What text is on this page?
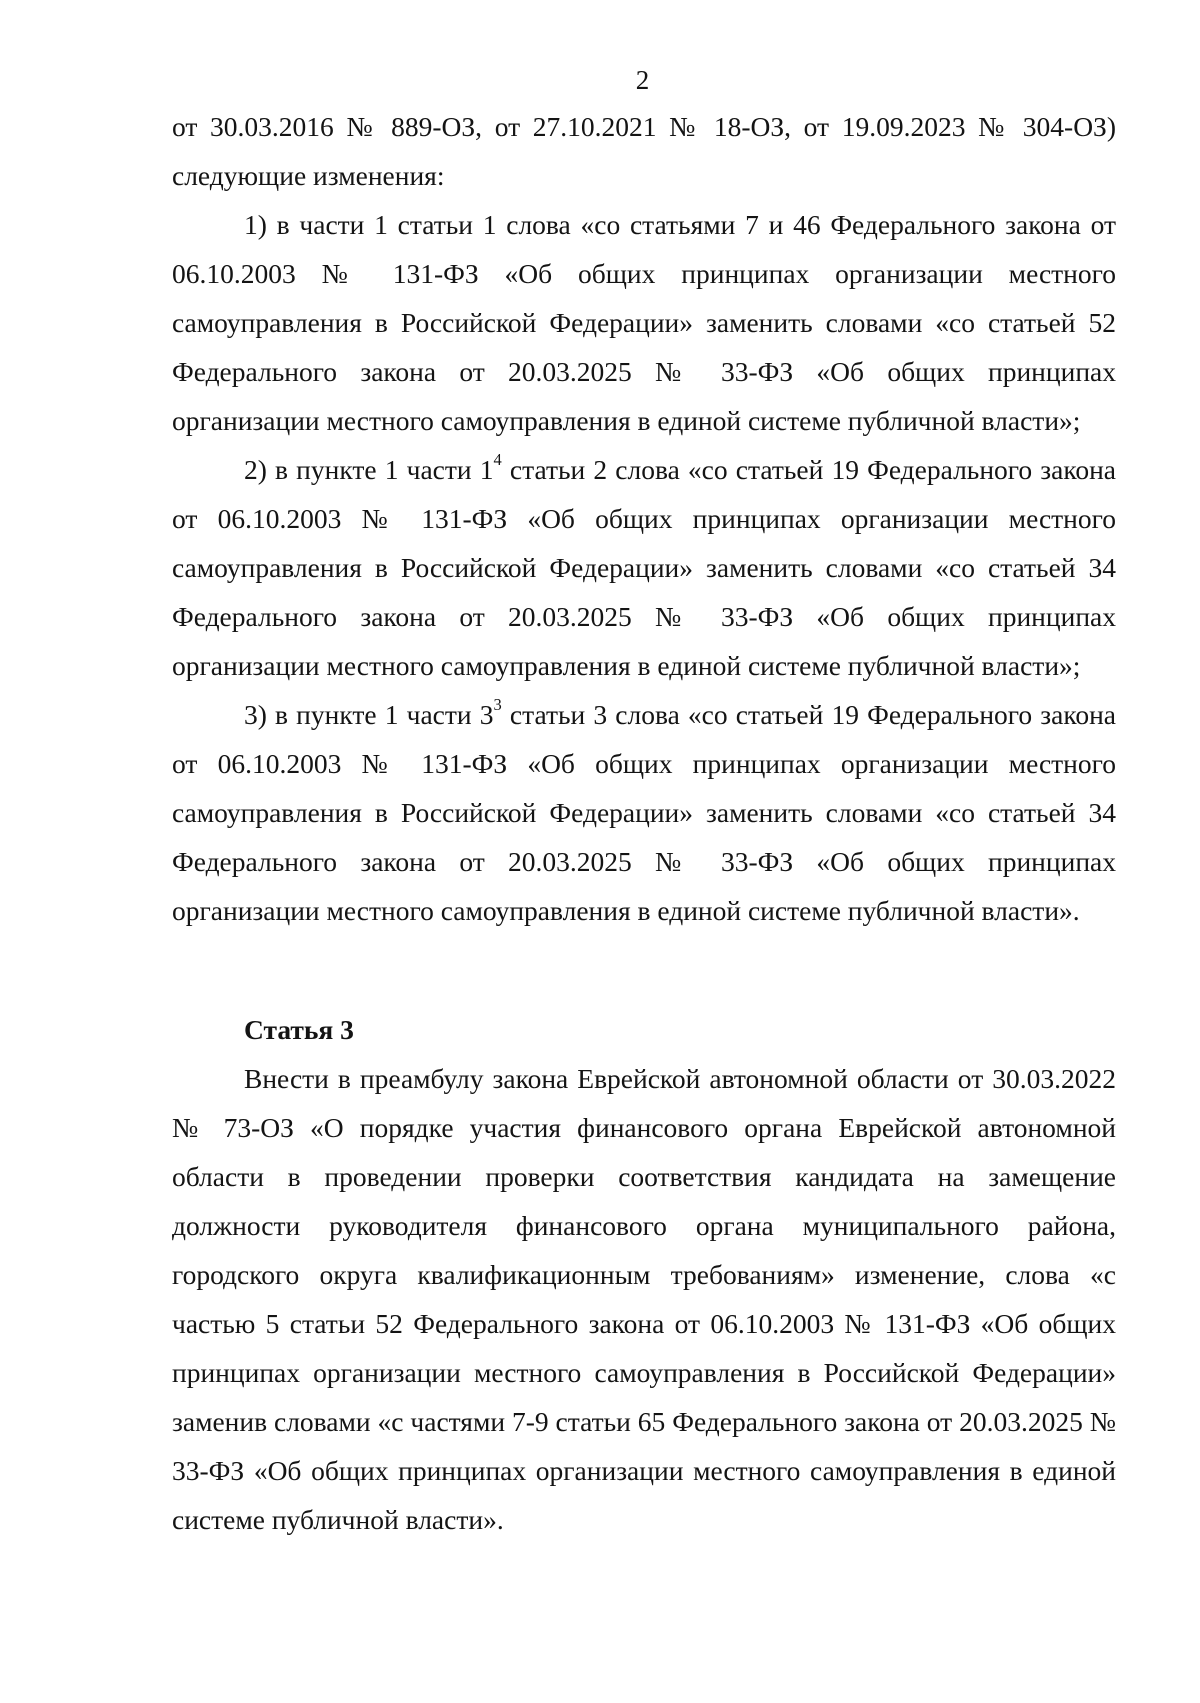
2

от 30.03.2016 № 889-ОЗ, от 27.10.2021 № 18-ОЗ, от 19.09.2023 № 304-ОЗ)

следующие изменения:

1) в части 1 статьи 1 слова «со статьями 7 и 46 Федерального закона от 06.10.2003 № 131-ФЗ «Об общих принципах организации местного самоуправления в Российской Федерации» заменить словами «со статьей 52 Федерального закона от 20.03.2025 № 33-ФЗ «Об общих принципах организации местного самоуправления в единой системе публичной власти»;

2) в пункте 1 части $1^4$ статьи 2 слова «со статьей 19 Федерального закона от 06.10.2003 № 131-ФЗ «Об общих принципах организации местного самоуправления в Российской Федерации» заменить словами «со статьей 34 Федерального закона от 20.03.2025 № 33-ФЗ «Об общих принципах организации местного самоуправления в единой системе публичной власти»;

3) в пункте 1 части $3^3$ статьи 3 слова «со статьей 19 Федерального закона от 06.10.2003 № 131-ФЗ «Об общих принципах организации местного самоуправления в Российской Федерации» заменить словами «со статьей 34 Федерального закона от 20.03.2025 № 33-ФЗ «Об общих принципах организации местного самоуправления в единой системе публичной власти».

Статья 3

Внести в преамбулу закона Еврейской автономной области от 30.03.2022 № 73-ОЗ «О порядке участия финансового органа Еврейской автономной области в проведении проверки соответствия кандидата на замещение должности руководителя финансового органа муниципального района, городского округа квалификационным требованиям» изменение, слова «с частью 5 статьи 52 Федерального закона от 06.10.2003 № 131-ФЗ «Об общих принципах организации местного самоуправления в Российской Федерации» заменив словами «с частями 7-9 статьи 65 Федерального закона от 20.03.2025 № 33-ФЗ «Об общих принципах организации местного самоуправления в единой системе публичной власти».
